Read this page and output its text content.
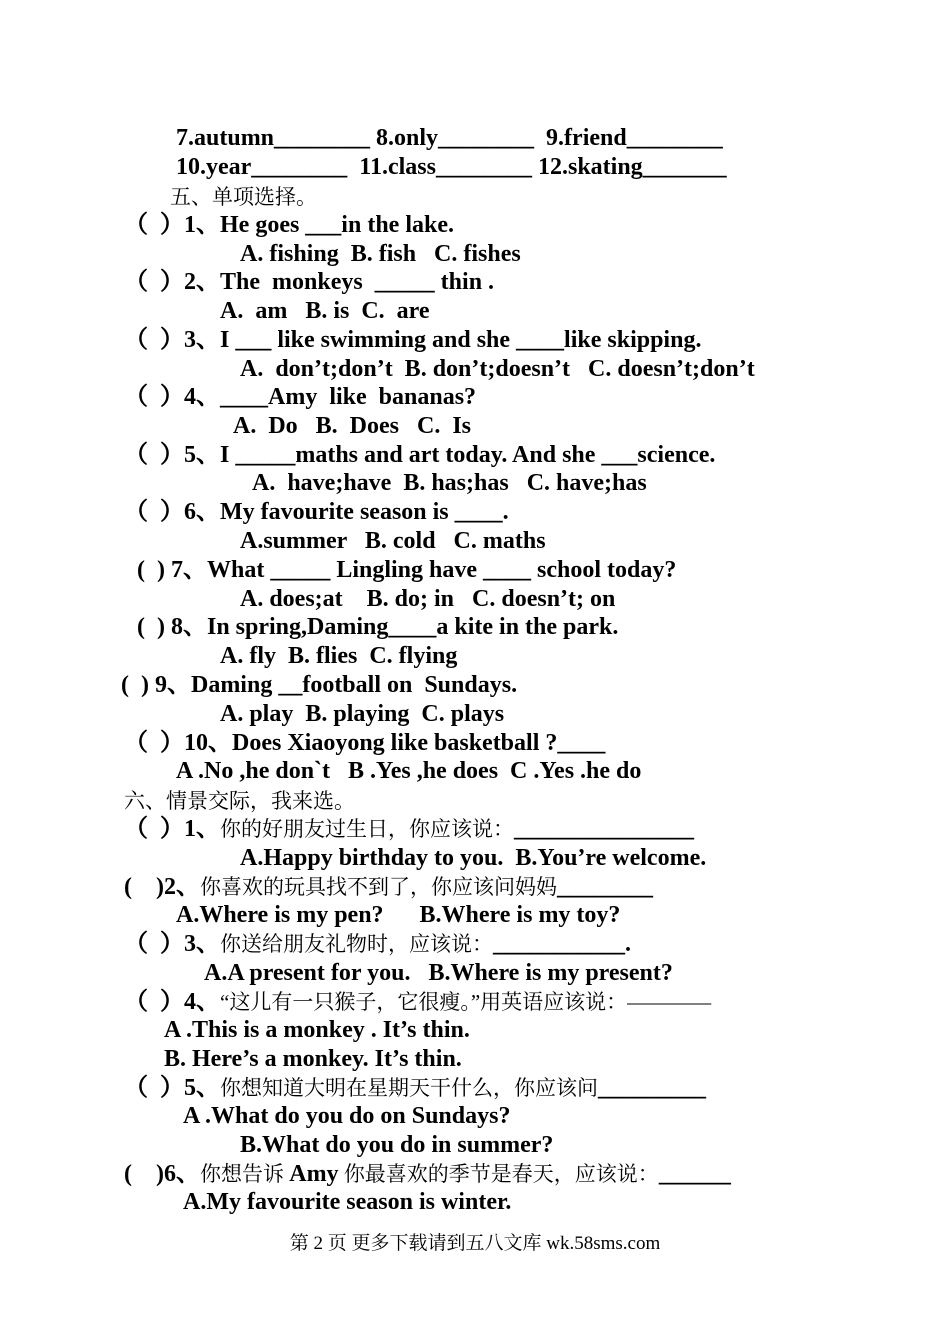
7.autumn________ 8.only________  9.friend________
10.year________  11.class________ 12.skating_______
五、单项选择。
（  ）1、He goes ___in the lake.
A. fishing  B. fish   C. fishes
（  ）2、The  monkeys  _____ thin .
A.  am   B. is  C.  are
（  ）3、I ___ like swimming and she ____like skipping.
A.  don’t;don’t  B. don’t;doesn’t   C. doesn’t;don’t
（  ）4、____Amy  like  bananas?
A.  Do   B.  Does   C.  Is
（  ）5、I _____maths and art today. And she ___science.
A.  have;have  B. has;has   C. have;has
（  ）6、My favourite season is ____.
A.summer   B. cold   C. maths
(  ) 7、What _____ Lingling have ____ school today?
A. does;at    B. do; in   C. doesn’t; on
(  ) 8、In spring,Daming____a kite in the park.
A. fly  B. flies  C. flying
(  ) 9、Daming __football on  Sundays.
A. play  B. playing  C. plays
（  ）10、Does Xiaoyong like basketball ?____
A .No ,he don`t   B .Yes ,he does  C .Yes .he do
六、情景交际，我来选。
（  ）1、你的好朋友过生日，你应该说：_______________
A.Happy birthday to you.  B.You’re welcome.
(    )2、你喜欢的玩具找不到了，你应该问妈妈________
A.Where is my pen?      B.Where is my toy?
（  ）3、你送给朋友礼物时，应该说：___________.
A.A present for you.   B.Where is my present?
（  ）4、“这儿有一只猴子，它很瘦。”用英语应该说：————
A .This is a monkey . It’s thin.
B. Here’s a monkey. It’s thin.
（  ）5、你想知道大明在星期天干什么，你应该问_________
A .What do you do on Sundays?
B.What do you do in summer?
(    )6、你想告诉 Amy 你最喜欢的季节是春天，应该说：______
A.My favourite season is winter.
第 2 页 更多下载请到五八文库 wk.58sms.com
